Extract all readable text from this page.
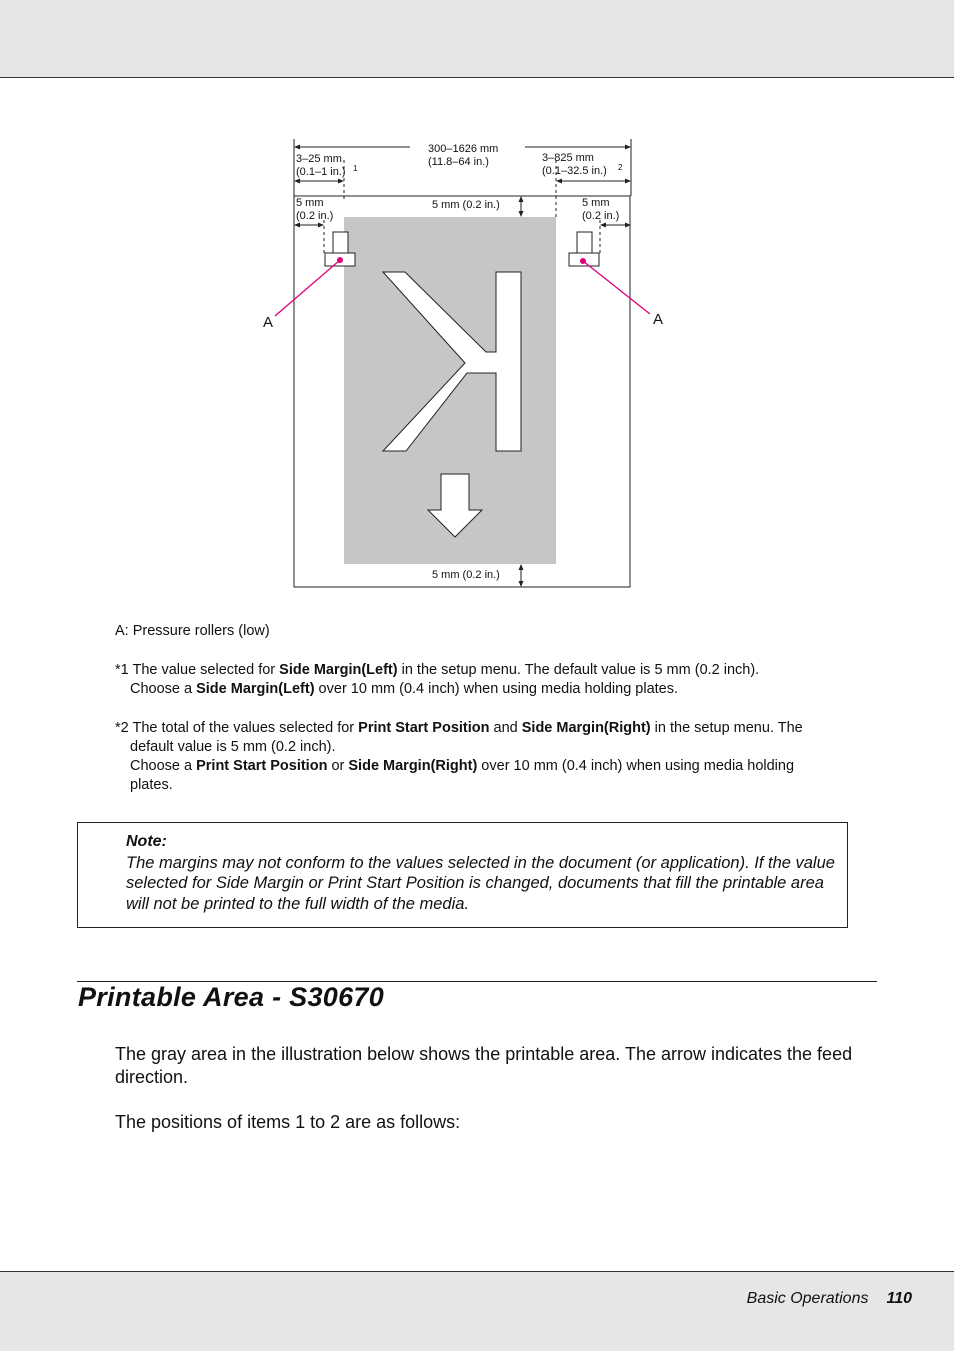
300–1626 mm
(11.8–64 in.)
3–25 mm
(0.1–1 in.) 1
3–825 mm
(0.1–32.5 in.) 2
5 mm
(0.2 in.)
5 mm
(0.2 in.)
5 mm (0.2 in.)
5 mm (0.2 in.)
A	A

A: Pressure rollers (low)

*1 The value selected for Side Margin(Left) in the setup menu. The default value is 5 mm (0.2 inch).

Choose a Side Margin(Left) over 10 mm (0.4 inch) when using media holding plates.

*2 The total of the values selected for Print Start Position and Side Margin(Right) in the setup menu. The

default value is 5 mm (0.2 inch).

Choose a Print Start Position or Side Margin(Right) over 10 mm (0.4 inch) when using media holding

plates.

Note:
The margins may not conform to the values selected in the document (or application). If the value selected for Side Margin or Print Start Position is changed, documents that fill the printable area will not be printed to the full width of the media.
Printable Area - S30670

The gray area in the illustration below shows the printable area. The arrow indicates the feed direction.

The positions of items 1 to 2 are as follows:

Basic Operations 110
